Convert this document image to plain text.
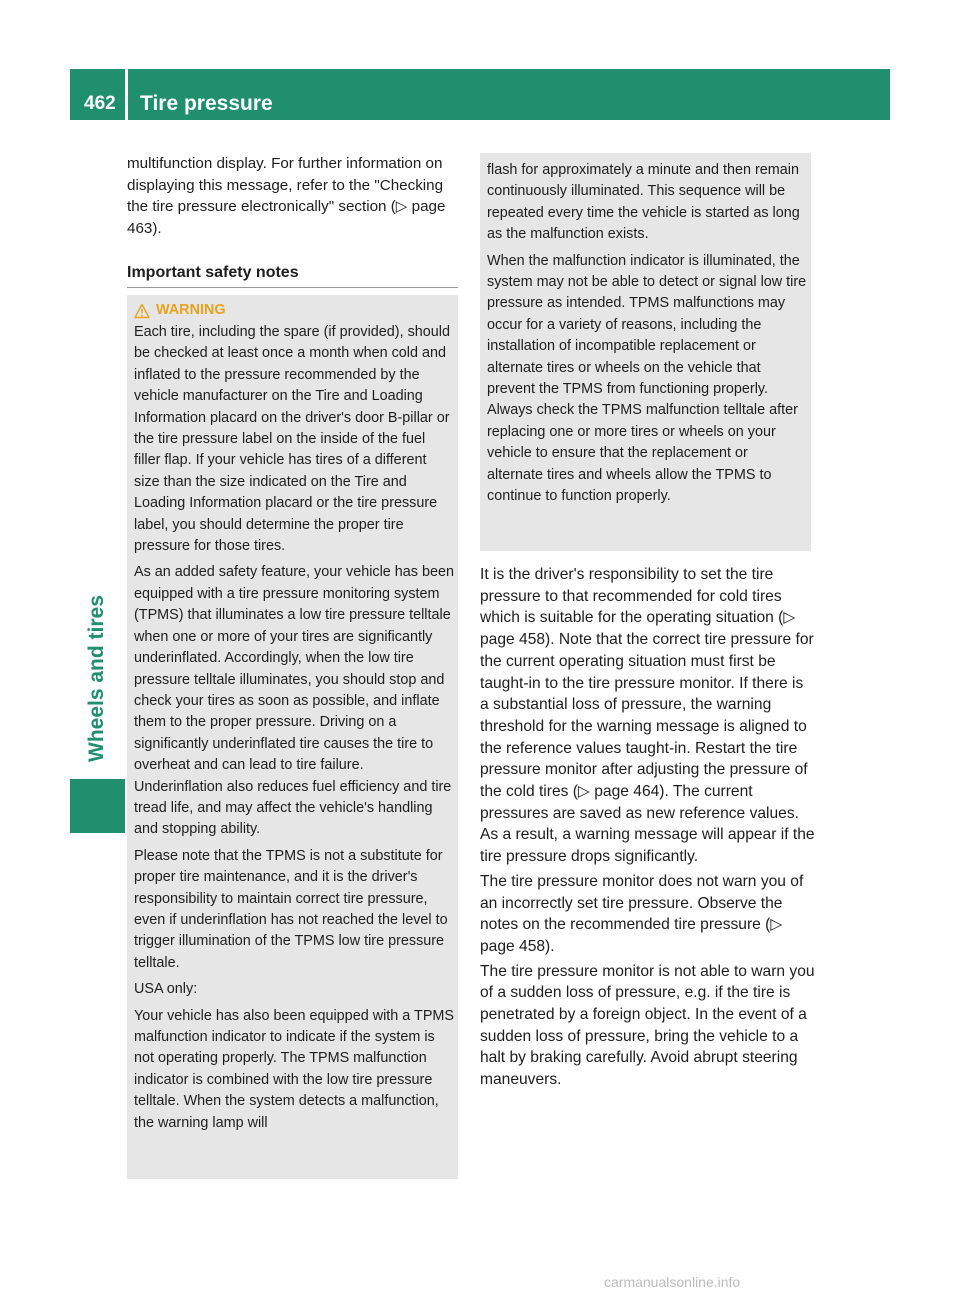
462 Tire pressure
Wheels and tires
multifunction display. For further information on displaying this message, refer to the "Checking the tire pressure electronically" section (▷ page 463).
Important safety notes
WARNING

Each tire, including the spare (if provided), should be checked at least once a month when cold and inflated to the pressure recommended by the vehicle manufacturer on the Tire and Loading Information placard on the driver's door B-pillar or the tire pressure label on the inside of the fuel filler flap. If your vehicle has tires of a different size than the size indicated on the Tire and Loading Information placard or the tire pressure label, you should determine the proper tire pressure for those tires.

As an added safety feature, your vehicle has been equipped with a tire pressure monitoring system (TPMS) that illuminates a low tire pressure telltale when one or more of your tires are significantly underinflated. Accordingly, when the low tire pressure telltale illuminates, you should stop and check your tires as soon as possible, and inflate them to the proper pressure. Driving on a significantly underinflated tire causes the tire to overheat and can lead to tire failure. Underinflation also reduces fuel efficiency and tire tread life, and may affect the vehicle's handling and stopping ability.

Please note that the TPMS is not a substitute for proper tire maintenance, and it is the driver's responsibility to maintain correct tire pressure, even if underinflation has not reached the level to trigger illumination of the TPMS low tire pressure telltale.

USA only:

Your vehicle has also been equipped with a TPMS malfunction indicator to indicate if the system is not operating properly. The TPMS malfunction indicator is combined with the low tire pressure telltale. When the system detects a malfunction, the warning lamp will

flash for approximately a minute and then remain continuously illuminated. This sequence will be repeated every time the vehicle is started as long as the malfunction exists.

When the malfunction indicator is illuminated, the system may not be able to detect or signal low tire pressure as intended. TPMS malfunctions may occur for a variety of reasons, including the installation of incompatible replacement or alternate tires or wheels on the vehicle that prevent the TPMS from functioning properly. Always check the TPMS malfunction telltale after replacing one or more tires or wheels on your vehicle to ensure that the replacement or alternate tires and wheels allow the TPMS to continue to function properly.

It is the driver's responsibility to set the tire pressure to that recommended for cold tires which is suitable for the operating situation (▷ page 458). Note that the correct tire pressure for the current operating situation must first be taught-in to the tire pressure monitor. If there is a substantial loss of pressure, the warning threshold for the warning message is aligned to the reference values taught-in. Restart the tire pressure monitor after adjusting the pressure of the cold tires (▷ page 464). The current pressures are saved as new reference values. As a result, a warning message will appear if the tire pressure drops significantly.

The tire pressure monitor does not warn you of an incorrectly set tire pressure. Observe the notes on the recommended tire pressure (▷ page 458).

The tire pressure monitor is not able to warn you of a sudden loss of pressure, e.g. if the tire is penetrated by a foreign object. In the event of a sudden loss of pressure, bring the vehicle to a halt by braking carefully. Avoid abrupt steering maneuvers.

carmanualsonline.info
